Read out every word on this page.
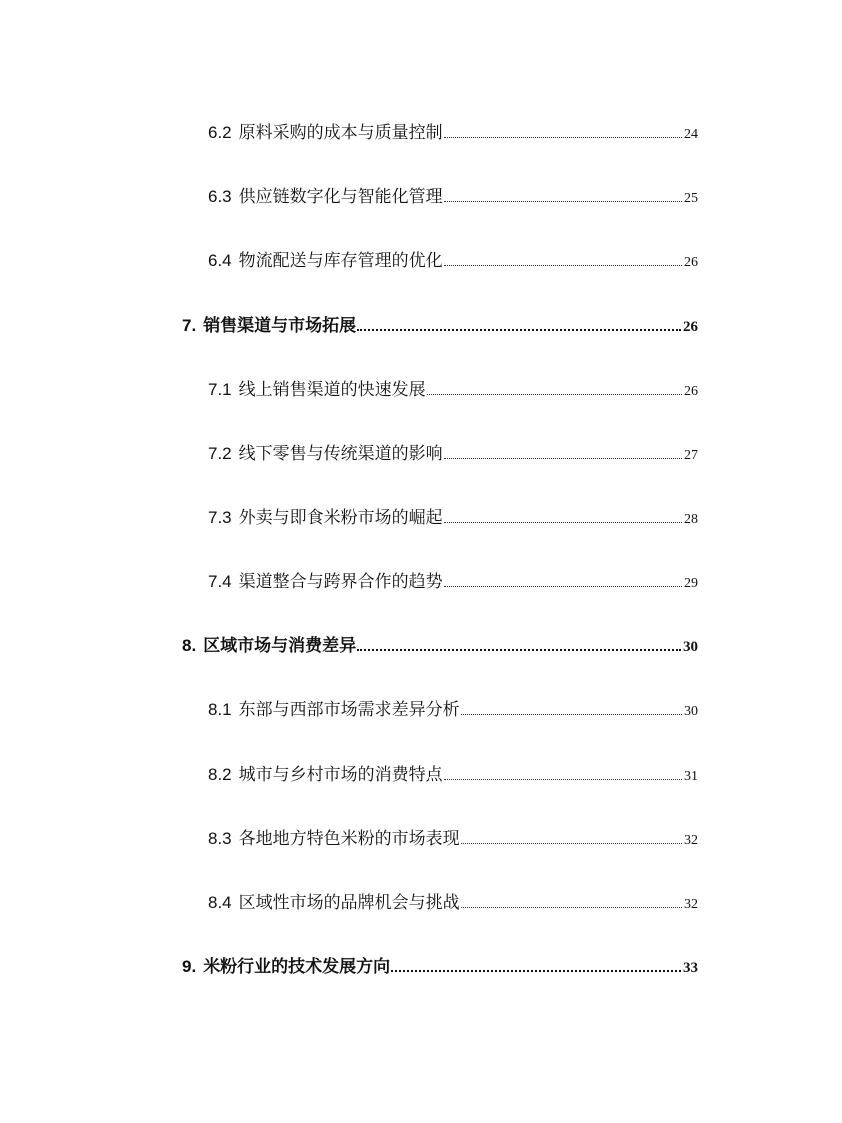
6.2 原料采购的成本与质量控制	24
6.3 供应链数字化与智能化管理	25
6.4 物流配送与库存管理的优化	26
7. 销售渠道与市场拓展	26
7.1 线上销售渠道的快速发展	26
7.2 线下零售与传统渠道的影响	27
7.3 外卖与即食米粉市场的崛起	28
7.4 渠道整合与跨界合作的趋势	29
8. 区域市场与消费差异	30
8.1 东部与西部市场需求差异分析	30
8.2 城市与乡村市场的消费特点	31
8.3 各地地方特色米粉的市场表现	32
8.4 区域性市场的品牌机会与挑战	32
9. 米粉行业的技术发展方向	33
